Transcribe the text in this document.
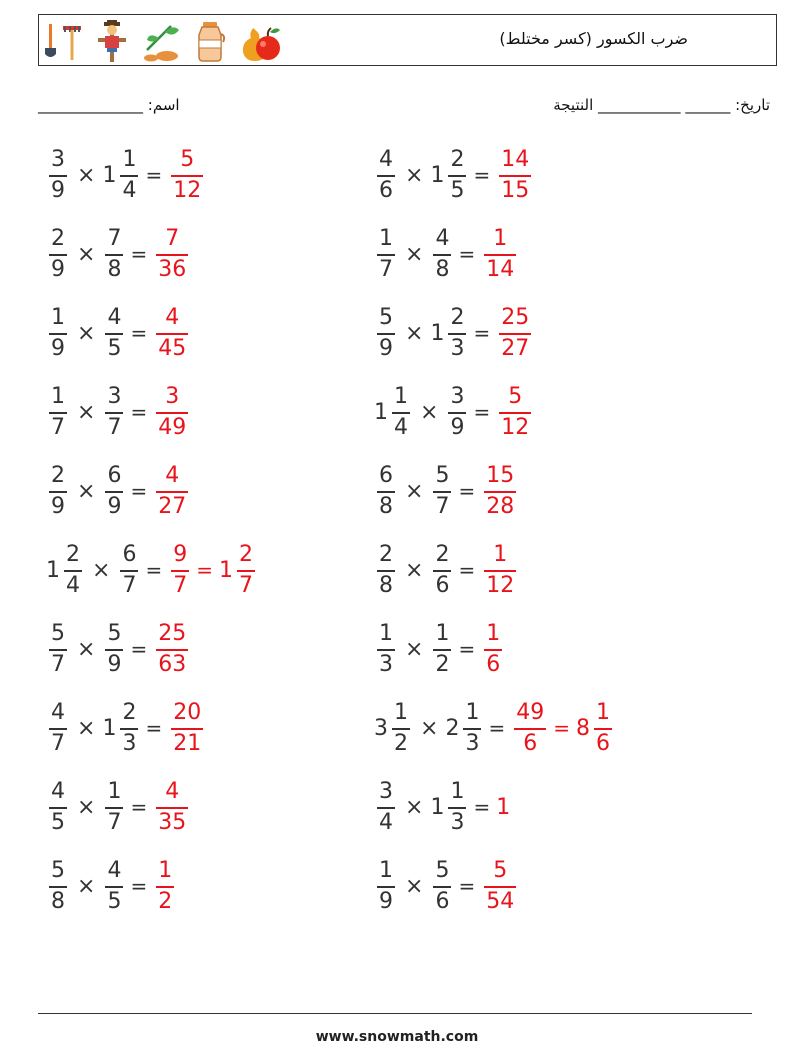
ضرب الكسور (كسر مختلط)
تاريخ: ______ ___________ النتيجة
اسم: ______________
$\frac{3}{9} \times 1 \frac{1}{4} = \frac{5}{12}$	$\frac{4}{6} \times 1 \frac{2}{5} = \frac{14}{15}$
$\frac{2}{9} \times \frac{7}{8} = \frac{7}{36}$	$\frac{1}{7} \times \frac{4}{8} = \frac{1}{14}$
$\frac{1}{9} \times \frac{4}{5} = \frac{4}{45}$	$\frac{5}{9} \times 1 \frac{2}{3} = \frac{25}{27}$
$\frac{1}{7} \times \frac{3}{7} = \frac{3}{49}$	$1 \frac{1}{4} \times \frac{3}{9} = \frac{5}{12}$
$\frac{2}{9} \times \frac{6}{9} = \frac{4}{27}$	$\frac{6}{8} \times \frac{5}{7} = \frac{15}{28}$
$1 \frac{2}{4} \times \frac{6}{7} = \frac{9}{7} = 1 \frac{2}{7}$	$\frac{2}{8} \times \frac{2}{6} = \frac{1}{12}$
$\frac{5}{7} \times \frac{5}{9} = \frac{25}{63}$	$\frac{1}{3} \times \frac{1}{2} = \frac{1}{6}$
$\frac{4}{7} \times 1 \frac{2}{3} = \frac{20}{21}$	$3 \frac{1}{2} \times 2 \frac{1}{3} = \frac{49}{6} = 8 \frac{1}{6}$
$\frac{4}{5} \times \frac{1}{7} = \frac{4}{35}$	$\frac{3}{4} \times 1 \frac{1}{3} = 1$
$\frac{5}{8} \times \frac{4}{5} = \frac{1}{2}$	$\frac{1}{9} \times \frac{5}{6} = \frac{5}{54}$
www.snowmath.com
